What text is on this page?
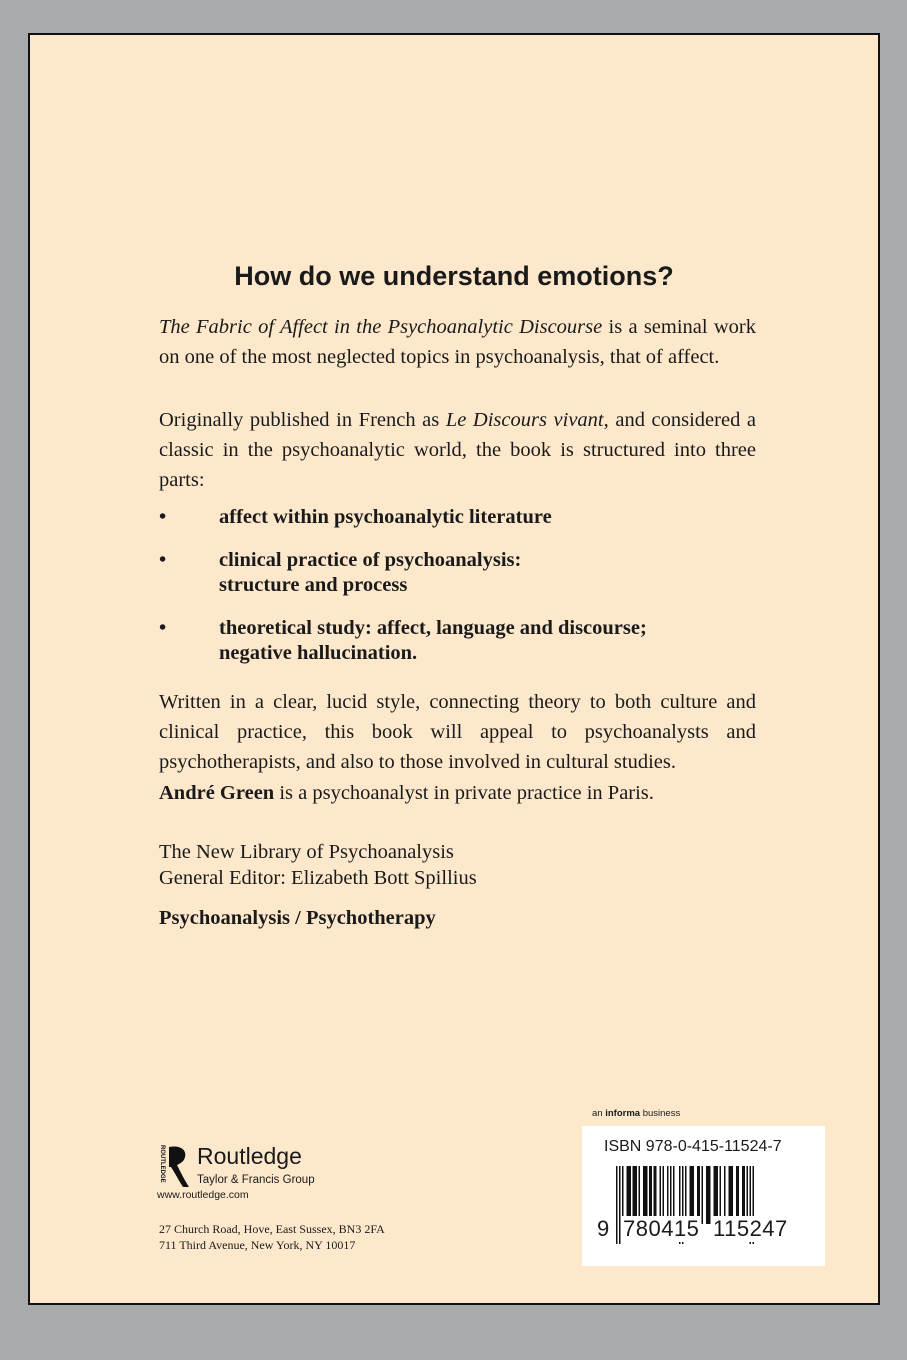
How do we understand emotions?
The Fabric of Affect in the Psychoanalytic Discourse is a seminal work on one of the most neglected topics in psychoanalysis, that of affect.
Originally published in French as Le Discours vivant, and considered a classic in the psychoanalytic world, the book is structured into three parts:
•	affect within psychoanalytic literature
•	clinical practice of psychoanalysis:
structure and process
•	theoretical study: affect, language and discourse;
negative hallucination.
Written in a clear, lucid style, connecting theory to both culture and clinical practice, this book will appeal to psychoanalysts and psychotherapists, and also to those involved in cultural studies.
André Green is a psychoanalyst in private practice in Paris.
The New Library of Psychoanalysis
General Editor: Elizabeth Bott Spillius
Psychoanalysis / Psychotherapy
ROUTLEDGE Routledge
Taylor & Francis Group
www.routledge.com
27 Church Road, Hove, East Sussex, BN3 2FA
711 Third Avenue, New York, NY 10017
an informa business
ISBN 978-0-415-11524-7
9 780415 115247
